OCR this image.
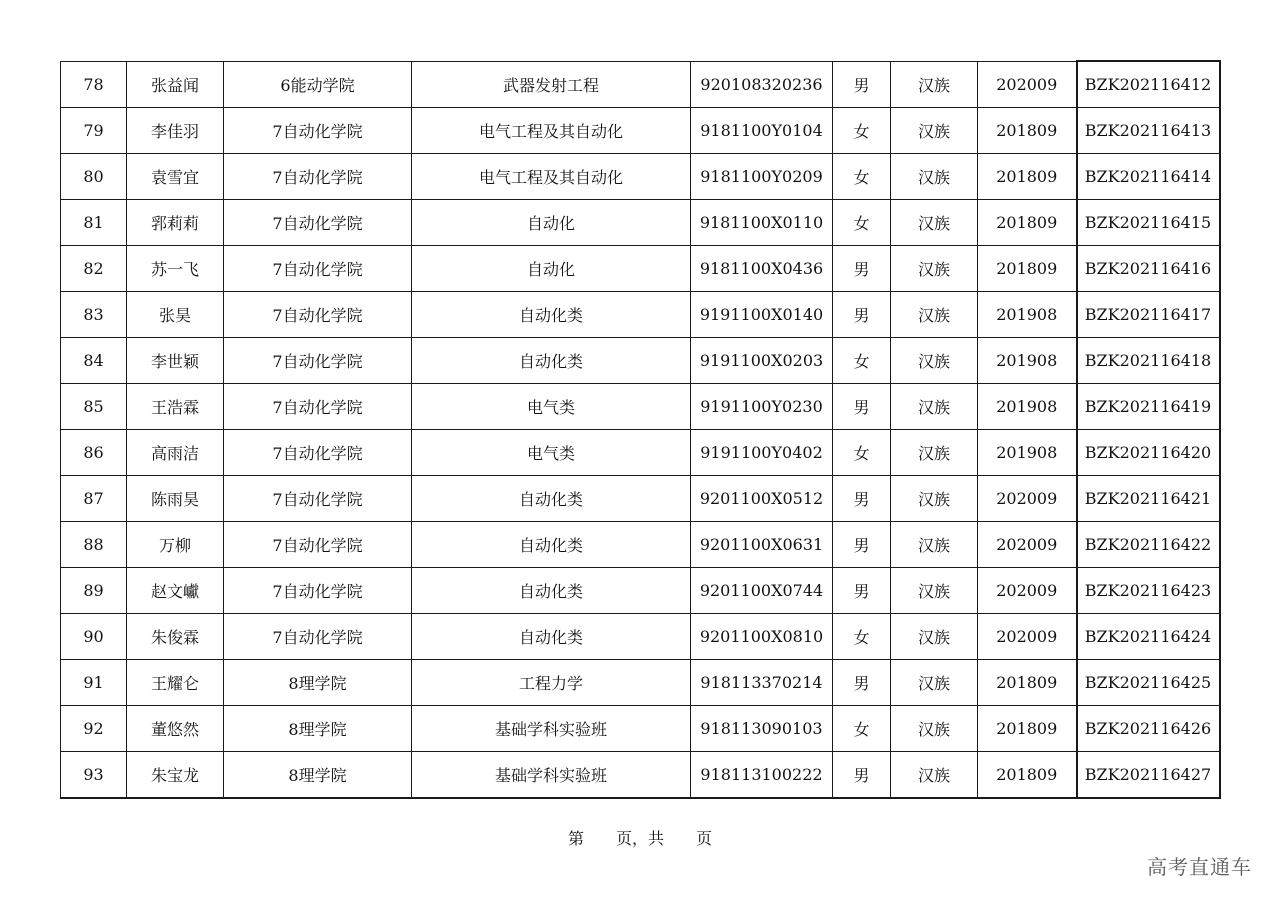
78	张益闻	6能动学院	武器发射工程	920108320236	男	汉族	202009	BZK202116412
79	李佳羽	7自动化学院	电气工程及其自动化	9181100Y0104	女	汉族	201809	BZK202116413
80	袁雪宜	7自动化学院	电气工程及其自动化	9181100Y0209	女	汉族	201809	BZK202116414
81	郛莉莉	7自动化学院	自动化	9181100X0110	女	汉族	201809	BZK202116415
82	苏一飞	7自动化学院	自动化	9181100X0436	男	汉族	201809	BZK202116416
83	张昊	7自动化学院	自动化类	9191100X0140	男	汉族	201908	BZK202116417
84	李世颖	7自动化学院	自动化类	9191100X0203	女	汉族	201908	BZK202116418
85	王浩霖	7自动化学院	电气类	9191100Y0230	男	汉族	201908	BZK202116419
86	高雨洁	7自动化学院	电气类	9191100Y0402	女	汉族	201908	BZK202116420
87	陈雨昊	7自动化学院	自动化类	9201100X0512	男	汉族	202009	BZK202116421
88	万柳	7自动化学院	自动化类	9201100X0631	男	汉族	202009	BZK202116422
89	赵文巘	7自动化学院	自动化类	9201100X0744	男	汉族	202009	BZK202116423
90	朱俊霖	7自动化学院	自动化类	9201100X0810	女	汉族	202009	BZK202116424
91	王耀仑	8理学院	工程力学	918113370214	男	汉族	201809	BZK202116425
92	董悠然	8理学院	基础学科实验班	918113090103	女	汉族	201809	BZK202116426
93	朱宝龙	8理学院	基础学科实验班	918113100222	男	汉族	201809	BZK202116427
第　　页，共　　页
高考直通车
